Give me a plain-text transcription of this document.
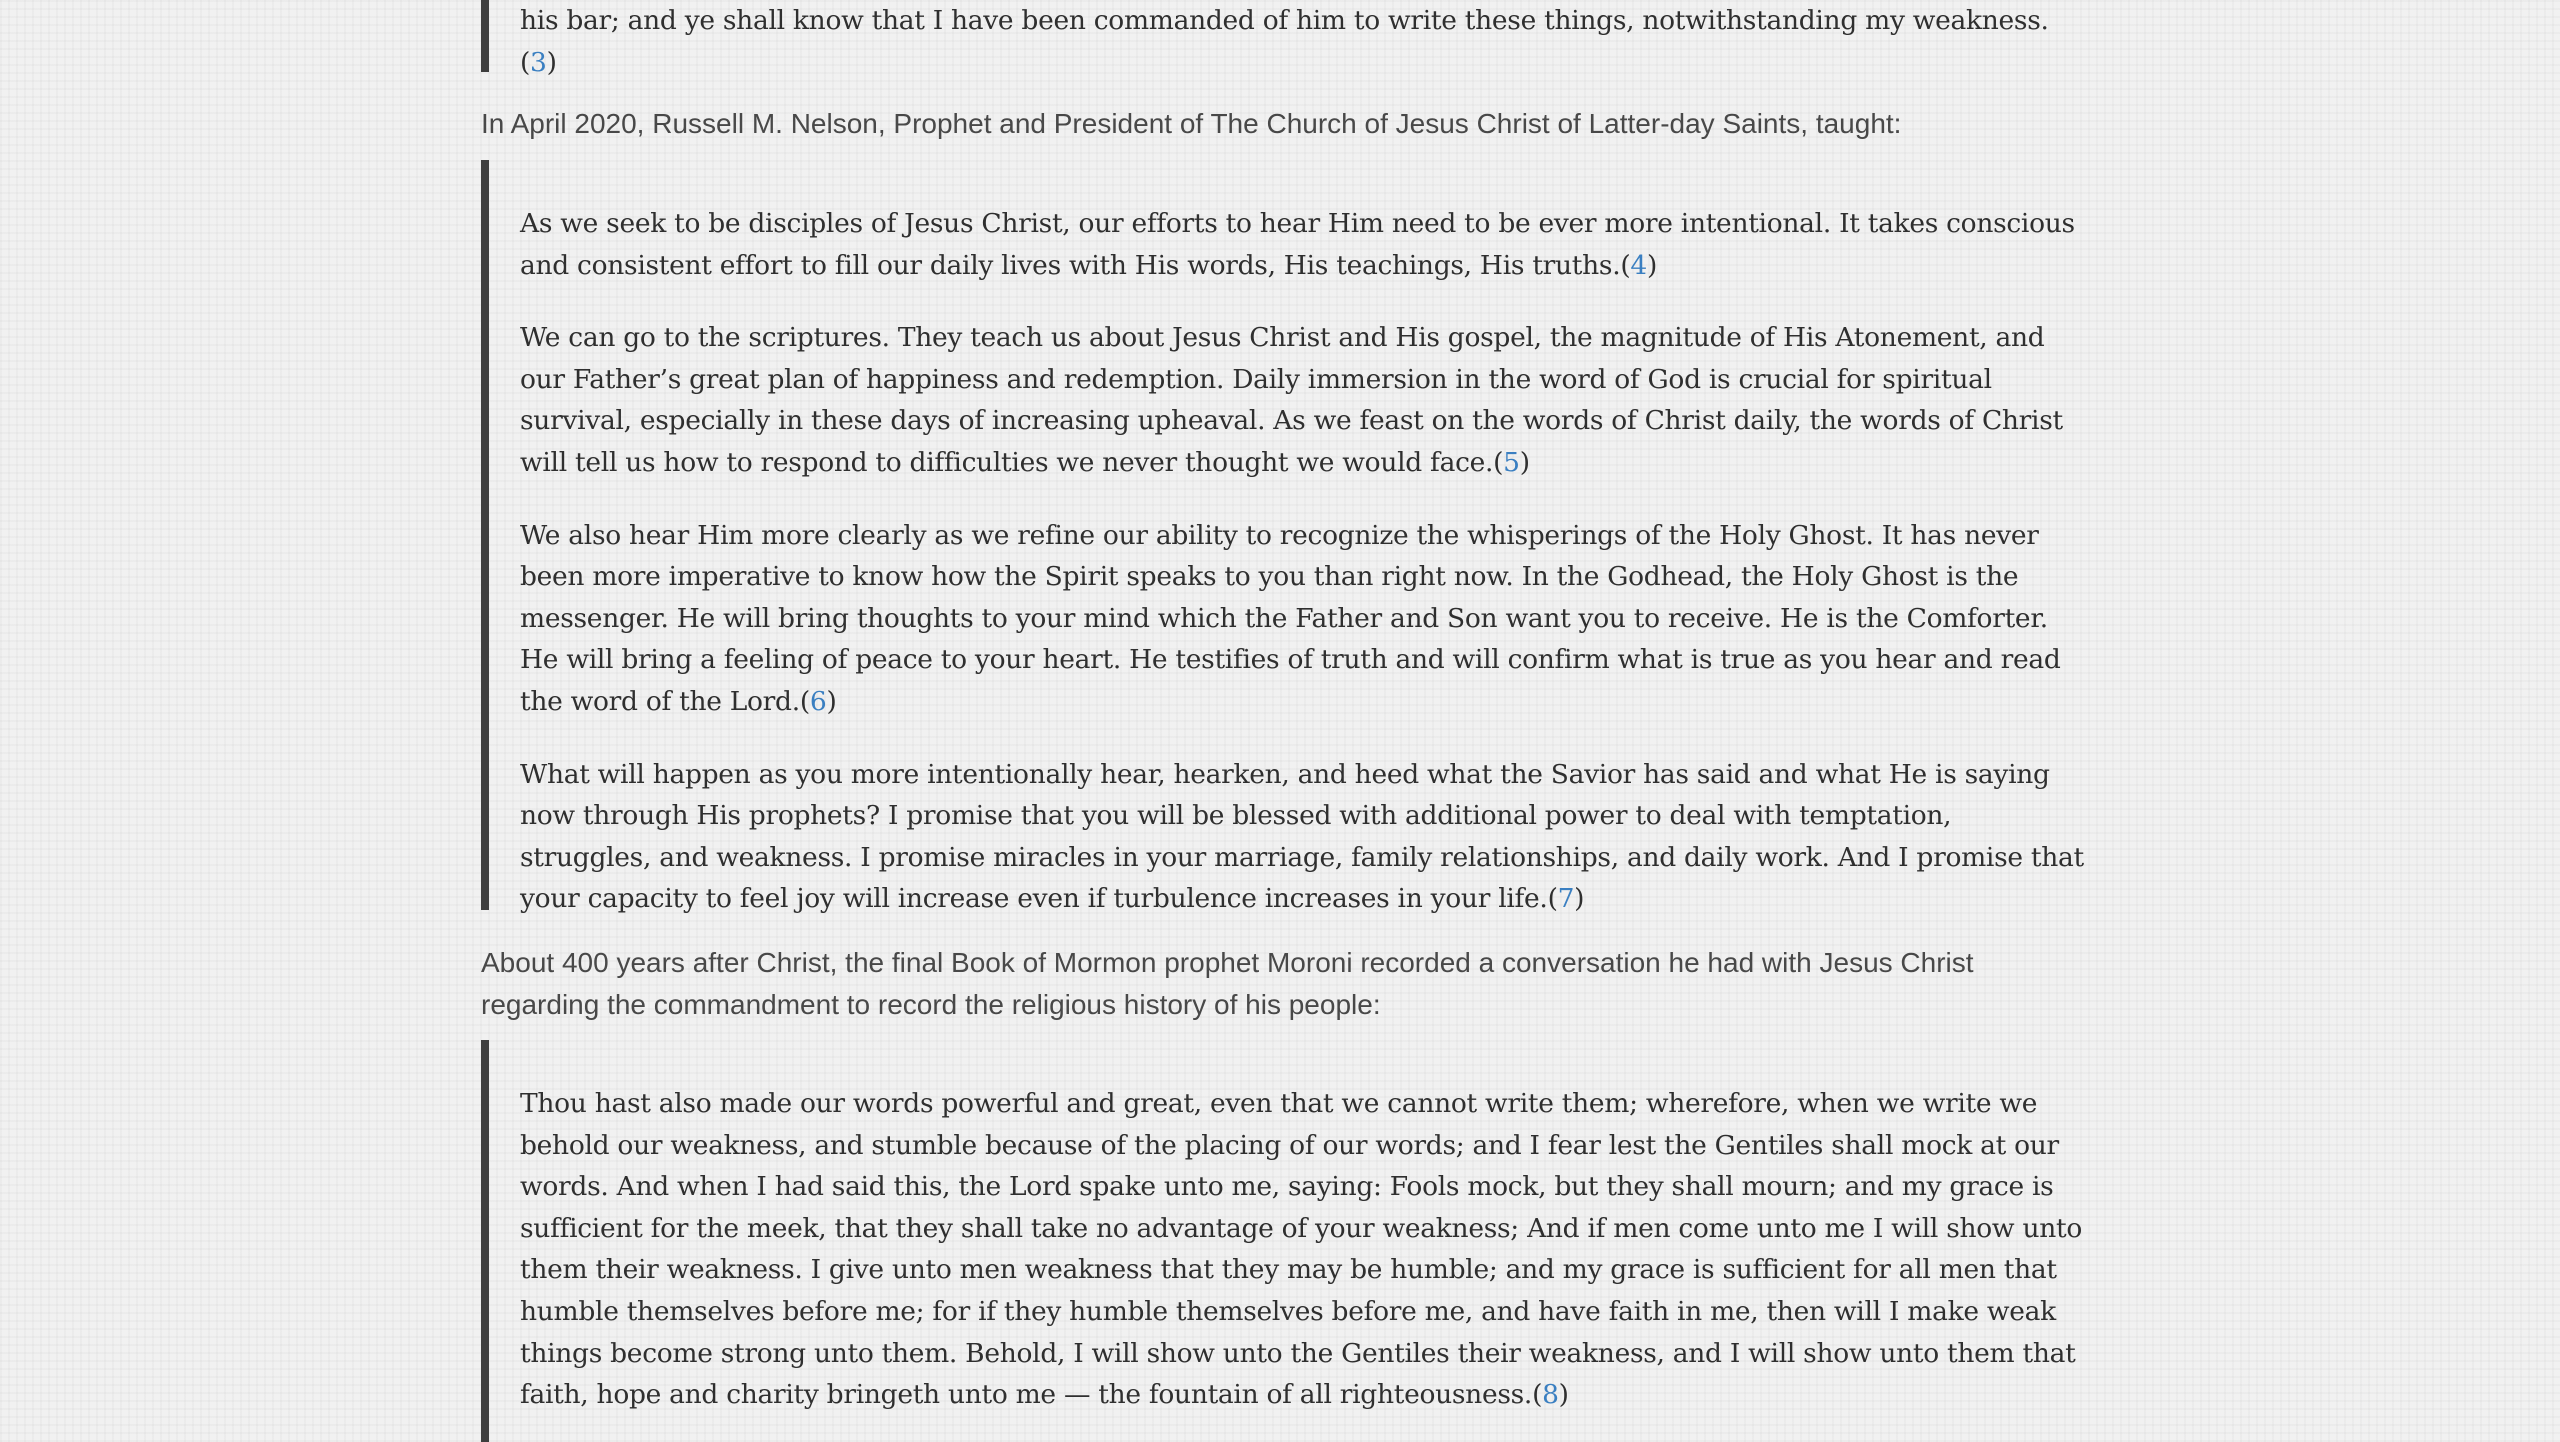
his bar; and ye shall know that I have been commanded of him to write these things, notwithstanding my weakness.(3)

In April 2020, Russell M. Nelson, Prophet and President of The Church of Jesus Christ of Latter-day Saints, taught:

As we seek to be disciples of Jesus Christ, our efforts to hear Him need to be ever more intentional. It takes conscious and consistent effort to fill our daily lives with His words, His teachings, His truths.(4)

We can go to the scriptures. They teach us about Jesus Christ and His gospel, the magnitude of His Atonement, and our Father’s great plan of happiness and redemption. Daily immersion in the word of God is crucial for spiritual survival, especially in these days of increasing upheaval. As we feast on the words of Christ daily, the words of Christ will tell us how to respond to difficulties we never thought we would face.(5)

We also hear Him more clearly as we refine our ability to recognize the whisperings of the Holy Ghost. It has never been more imperative to know how the Spirit speaks to you than right now. In the Godhead, the Holy Ghost is the messenger. He will bring thoughts to your mind which the Father and Son want you to receive. He is the Comforter. He will bring a feeling of peace to your heart. He testifies of truth and will confirm what is true as you hear and read the word of the Lord.(6)

What will happen as you more intentionally hear, hearken, and heed what the Savior has said and what He is saying now through His prophets? I promise that you will be blessed with additional power to deal with temptation, struggles, and weakness. I promise miracles in your marriage, family relationships, and daily work. And I promise that your capacity to feel joy will increase even if turbulence increases in your life.(7)

About 400 years after Christ, the final Book of Mormon prophet Moroni recorded a conversation he had with Jesus Christ regarding the commandment to record the religious history of his people:

Thou hast also made our words powerful and great, even that we cannot write them; wherefore, when we write we behold our weakness, and stumble because of the placing of our words; and I fear lest the Gentiles shall mock at our words. And when I had said this, the Lord spake unto me, saying: Fools mock, but they shall mourn; and my grace is sufficient for the meek, that they shall take no advantage of your weakness; And if men come unto me I will show unto them their weakness. I give unto men weakness that they may be humble; and my grace is sufficient for all men that humble themselves before me; for if they humble themselves before me, and have faith in me, then will I make weak things become strong unto them. Behold, I will show unto the Gentiles their weakness, and I will show unto them that faith, hope and charity bringeth unto me — the fountain of all righteousness.(8)
